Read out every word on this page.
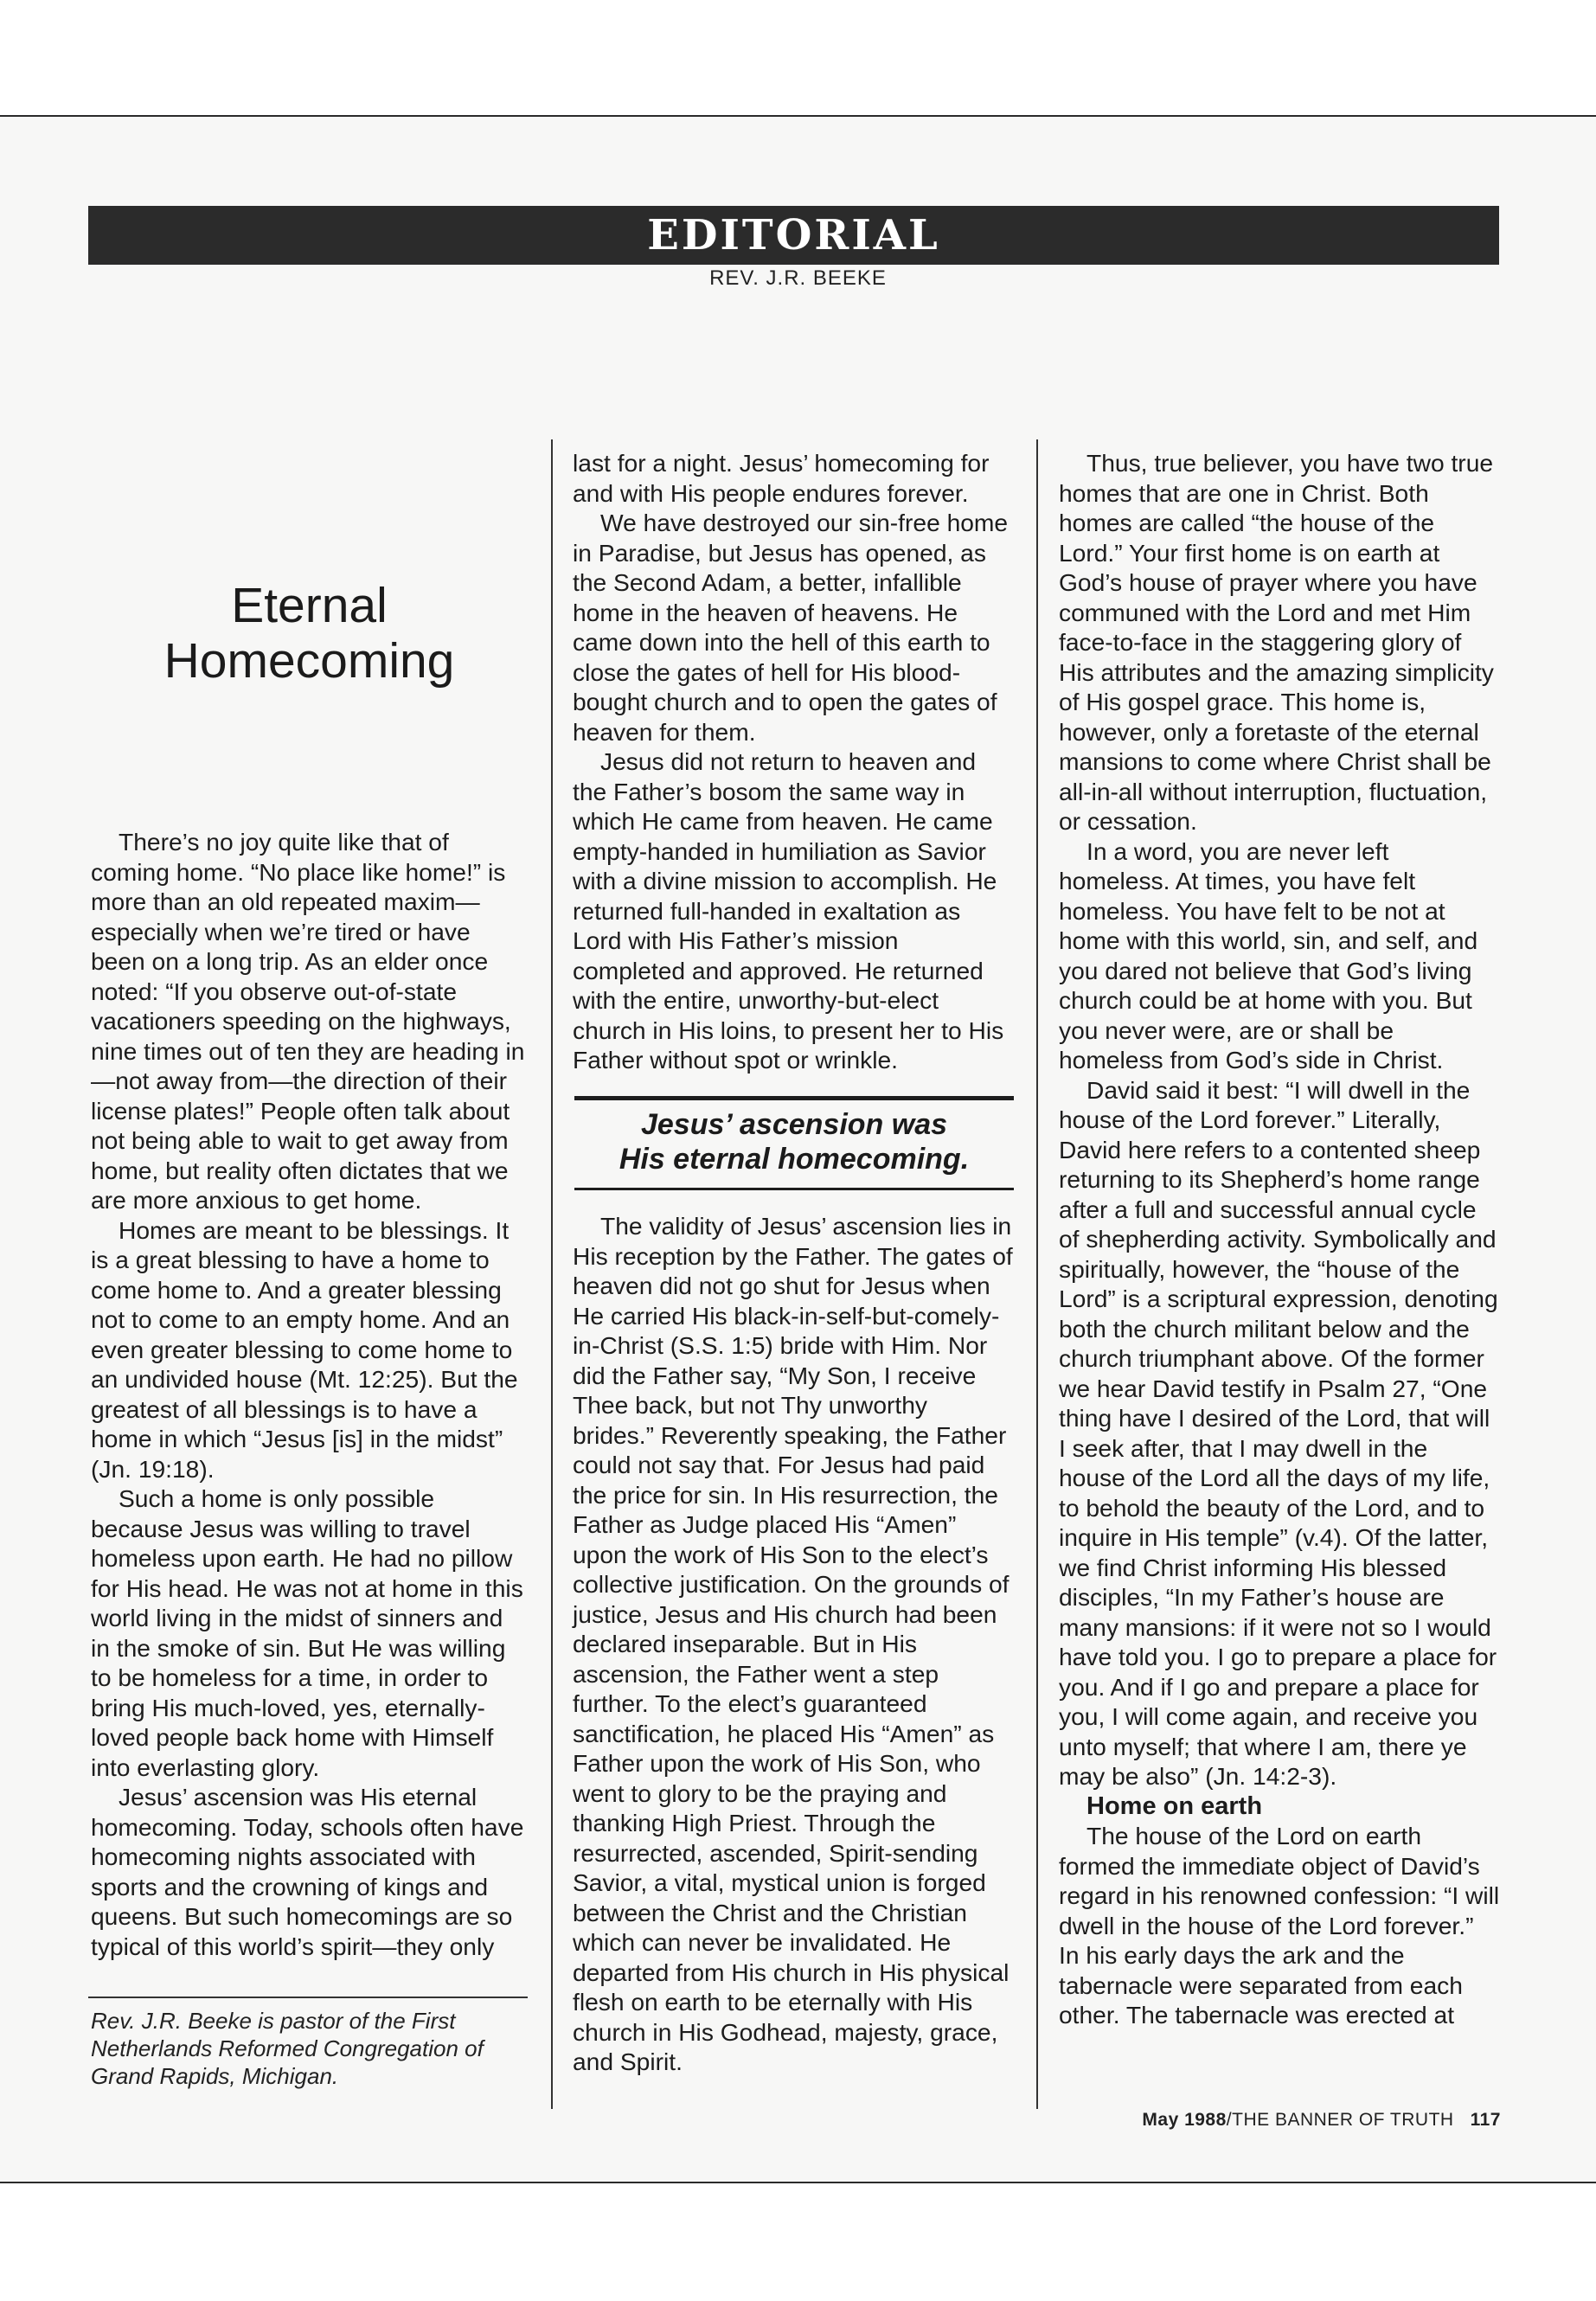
EDITORIAL
REV. J.R. BEEKE
Eternal
Homecoming

There’s no joy quite like that of coming home. “No place like home!” is more than an old repeated maxim—especially when we’re tired or have been on a long trip. As an elder once noted: “If you observe out-of-state vacationers speeding on the highways, nine times out of ten they are heading in—not away from—the direction of their license plates!” People often talk about not being able to wait to get away from home, but reality often dictates that we are more anxious to get home.

Homes are meant to be blessings. It is a great blessing to have a home to come home to. And a greater blessing not to come to an empty home. And an even greater blessing to come home to an undivided house (Mt. 12:25). But the greatest of all blessings is to have a home in which “Jesus [is] in the midst” (Jn. 19:18).

Such a home is only possible because Jesus was willing to travel homeless upon earth. He had no pillow for His head. He was not at home in this world living in the midst of sinners and in the smoke of sin. But He was willing to be homeless for a time, in order to bring His much-loved, yes, eternally-loved people back home with Himself into everlasting glory.

Jesus’ ascension was His eternal homecoming. Today, schools often have homecoming nights associated with sports and the crowning of kings and queens. But such homecomings are so typical of this world’s spirit—they only

Rev. J.R. Beeke is pastor of the First Netherlands Reformed Congregation of Grand Rapids, Michigan.

last for a night. Jesus’ homecoming for and with His people endures forever.

We have destroyed our sin-free home in Paradise, but Jesus has opened, as the Second Adam, a better, infallible home in the heaven of heavens. He came down into the hell of this earth to close the gates of hell for His blood-bought church and to open the gates of heaven for them.

Jesus did not return to heaven and the Father’s bosom the same way in which He came from heaven. He came empty-handed in humiliation as Savior with a divine mission to accomplish. He returned full-handed in exaltation as Lord with His Father’s mission completed and approved. He returned with the entire, unworthy-but-elect church in His loins, to present her to His Father without spot or wrinkle.

Jesus’ ascension was
His eternal homecoming.

The validity of Jesus’ ascension lies in His reception by the Father. The gates of heaven did not go shut for Jesus when He carried His black-in-self-but-comely-in-Christ (S.S. 1:5) bride with Him. Nor did the Father say, “My Son, I receive Thee back, but not Thy unworthy brides.” Reverently speaking, the Father could not say that. For Jesus had paid the price for sin. In His resurrection, the Father as Judge placed His “Amen” upon the work of His Son to the elect’s collective justification. On the grounds of justice, Jesus and His church had been declared inseparable. But in His ascension, the Father went a step further. To the elect’s guaranteed sanctification, he placed His “Amen” as Father upon the work of His Son, who went to glory to be the praying and thanking High Priest. Through the resurrected, ascended, Spirit-sending Savior, a vital, mystical union is forged between the Christ and the Christian which can never be invalidated. He departed from His church in His physical flesh on earth to be eternally with His church in His Godhead, majesty, grace, and Spirit.

Thus, true believer, you have two true homes that are one in Christ. Both homes are called “the house of the Lord.” Your first home is on earth at God’s house of prayer where you have communed with the Lord and met Him face-to-face in the staggering glory of His attributes and the amazing simplicity of His gospel grace. This home is, however, only a foretaste of the eternal mansions to come where Christ shall be all-in-all without interruption, fluctuation, or cessation.

In a word, you are never left homeless. At times, you have felt homeless. You have felt to be not at home with this world, sin, and self, and you dared not believe that God’s living church could be at home with you. But you never were, are or shall be homeless from God’s side in Christ.

David said it best: “I will dwell in the house of the Lord forever.” Literally, David here refers to a contented sheep returning to its Shepherd’s home range after a full and successful annual cycle of shepherding activity. Symbolically and spiritually, however, the “house of the Lord” is a scriptural expression, denoting both the church militant below and the church triumphant above. Of the former we hear David testify in Psalm 27, “One thing have I desired of the Lord, that will I seek after, that I may dwell in the house of the Lord all the days of my life, to behold the beauty of the Lord, and to inquire in His temple” (v.4). Of the latter, we find Christ informing His blessed disciples, “In my Father’s house are many mansions: if it were not so I would have told you. I go to prepare a place for you. And if I go and prepare a place for you, I will come again, and receive you unto myself; that where I am, there ye may be also” (Jn. 14:2-3).

Home on earth

The house of the Lord on earth formed the immediate object of David’s regard in his renowned confession: “I will dwell in the house of the Lord forever.” In his early days the ark and the tabernacle were separated from each other. The tabernacle was erected at

May 1988/THE BANNER OF TRUTH 117
